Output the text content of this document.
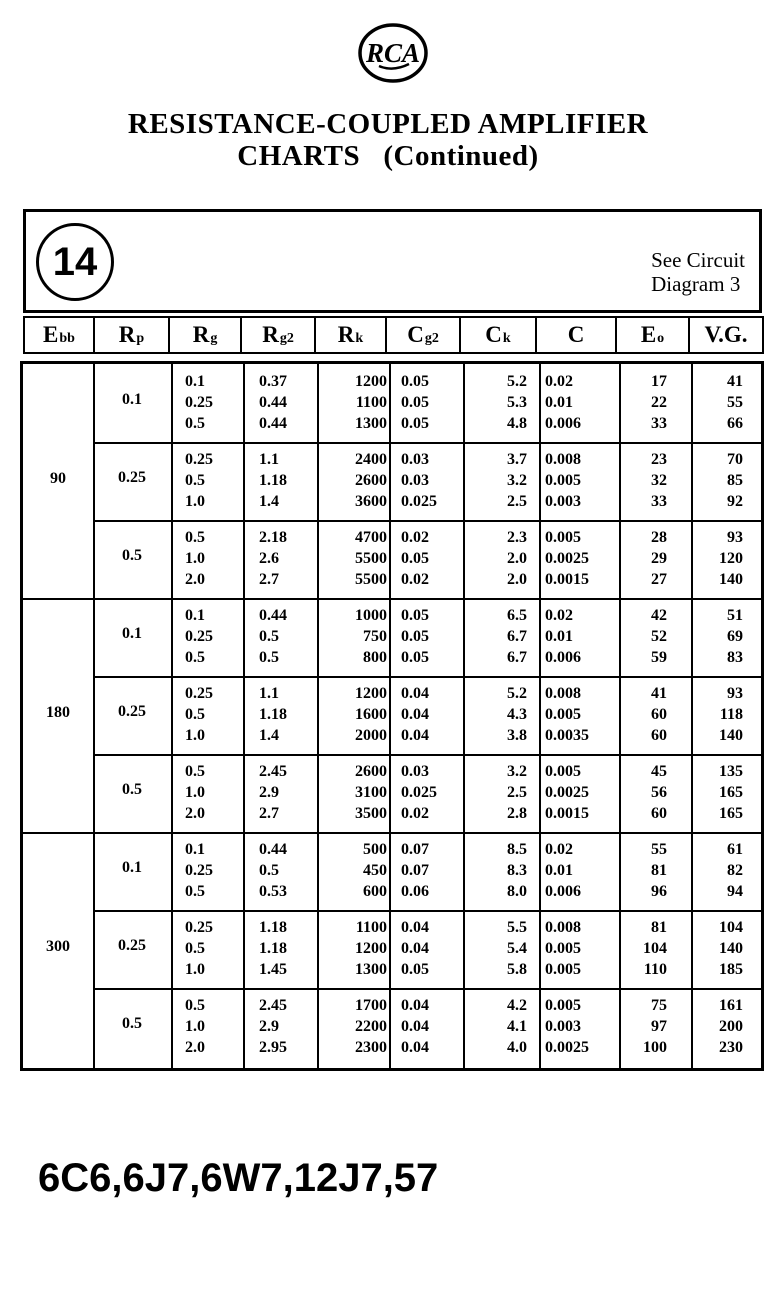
RCA
RESISTANCE-COUPLED AMPLIFIER
CHARTS   (Continued)
14	See Circuit
Diagram 3
$E_{bb}$ $R_p$ $R_g$ $R_{g2}$ $R_k$ $C_{g2}$ $C_k$ C $E_o$ V.G.
90
0.1
0.1
0.25
0.5
0.37
0.44
0.44
1200
1100
1300
0.05
0.05
0.05
5.2
5.3
4.8
0.02
0.01
0.006
17
22
33
41
55
66
0.25
0.25
0.5
1.0
1.1
1.18
1.4
2400
2600
3600
0.03
0.03
0.025
3.7
3.2
2.5
0.008
0.005
0.003
23
32
33
70
85
92
0.5
0.5
1.0
2.0
2.18
2.6
2.7
4700
5500
5500
0.02
0.05
0.02
2.3
2.0
2.0
0.005
0.0025
0.0015
28
29
27
93
120
140
180
0.1
0.1
0.25
0.5
0.44
0.5
0.5
1000
750
800
0.05
0.05
0.05
6.5
6.7
6.7
0.02
0.01
0.006
42
52
59
51
69
83
0.25
0.25
0.5
1.0
1.1
1.18
1.4
1200
1600
2000
0.04
0.04
0.04
5.2
4.3
3.8
0.008
0.005
0.0035
41
60
60
93
118
140
0.5
0.5
1.0
2.0
2.45
2.9
2.7
2600
3100
3500
0.03
0.025
0.02
3.2
2.5
2.8
0.005
0.0025
0.0015
45
56
60
135
165
165
300
0.1
0.1
0.25
0.5
0.44
0.5
0.53
500
450
600
0.07
0.07
0.06
8.5
8.3
8.0
0.02
0.01
0.006
55
81
96
61
82
94
0.25
0.25
0.5
1.0
1.18
1.18
1.45
1100
1200
1300
0.04
0.04
0.05
5.5
5.4
5.8
0.008
0.005
0.005
81
104
110
104
140
185
0.5
0.5
1.0
2.0
2.45
2.9
2.95
1700
2200
2300
0.04
0.04
0.04
4.2
4.1
4.0
0.005
0.003
0.0025
75
97
100
161
200
230
6C6,6J7,6W7,12J7,57
